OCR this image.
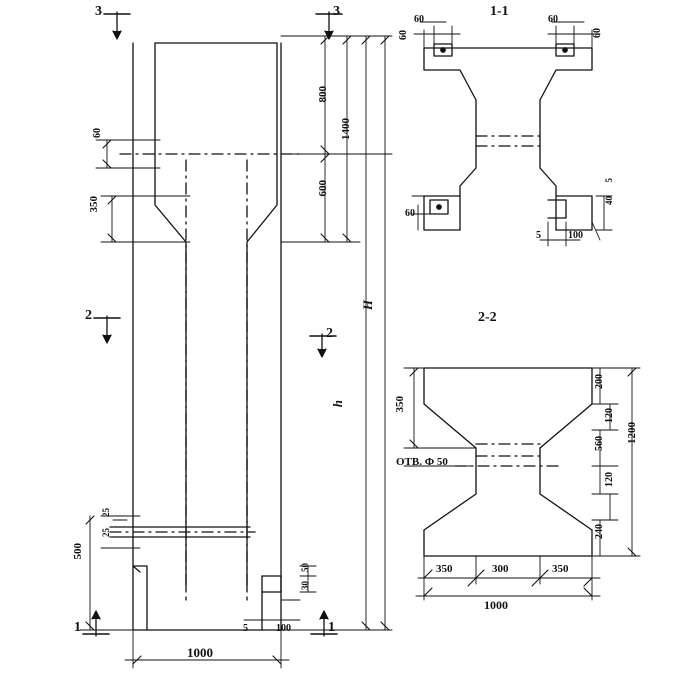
3	3
2
2
1	1
1-1
2-2
800
1400
600
H
h
60
350
25
25
500
1000
5	100
50
30
60
60
60
60
60
5	100
5
40
350
ОТВ. Ф 50
200
120
560
120
240
1200
350	300	350
1000
